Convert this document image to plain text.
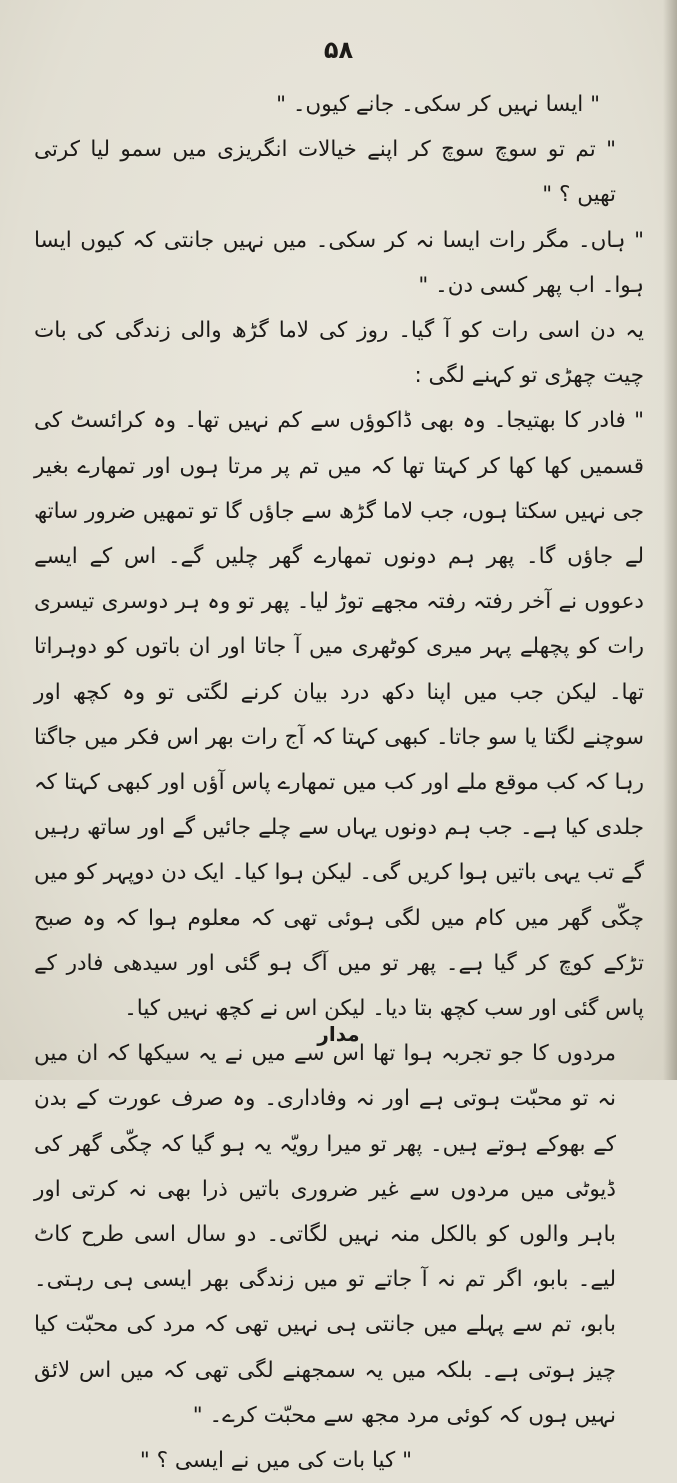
۵۸

" ایسا نہیں کر سکی۔ جانے کیوں۔ "

" تم تو سوچ سوچ کر اپنے خیالات انگریزی میں سمو لیا کرتی تھیں ؟ "

" ہاں۔ مگر رات ایسا نہ کر سکی۔ میں نہیں جانتی کہ کیوں ایسا ہوا۔ اب پھر کسی دن۔ "

یہ دن اسی رات کو آ گیا۔ روز کی لاما گڑھ والی زندگی کی بات چیت چھڑی تو کہنے لگی :

" فادر کا بھتیجا۔ وہ بھی ڈاکوؤں سے کم نہیں تھا۔ وہ کرائسٹ کی قسمیں کھا کھا کر کہتا تھا کہ میں تم پر مرتا ہوں اور تمھارے بغیر جی نہیں سکتا ہوں، جب لاما گڑھ سے جاؤں گا تو تمھیں ضرور ساتھ لے جاؤں گا۔ پھر ہم دونوں تمھارے گھر چلیں گے۔ اس کے ایسے دعووں نے آخر رفتہ رفتہ مجھے توڑ لیا۔ پھر تو وہ ہر دوسری تیسری رات کو پچھلے پہر میری کوٹھری میں آ جاتا اور ان باتوں کو دوہراتا تھا۔ لیکن جب میں اپنا دکھ درد بیان کرنے لگتی تو وہ کچھ اور سوچنے لگتا یا سو جاتا۔ کبھی کہتا کہ آج رات بھر اس فکر میں جاگتا رہا کہ کب موقع ملے اور کب میں تمھارے پاس آؤں اور کبھی کہتا کہ جلدی کیا ہے۔ جب ہم دونوں یہاں سے چلے جائیں گے اور ساتھ رہیں گے تب یہی باتیں ہوا کریں گی۔ لیکن ہوا کیا۔ ایک دن دوپہر کو میں چکّی گھر میں کام میں لگی ہوئی تھی کہ معلوم ہوا کہ وہ صبح تڑکے کوچ کر گیا ہے۔ پھر تو میں آگ ہو گئی اور سیدھی فادر کے پاس گئی اور سب کچھ بتا دیا۔ لیکن اس نے کچھ نہیں کیا۔

مردوں کا جو تجربہ ہوا تھا اس سے میں نے یہ سیکھا کہ ان میں نہ تو محبّت ہوتی ہے اور نہ وفاداری۔ وہ صرف عورت کے بدن کے بھوکے ہوتے ہیں۔ پھر تو میرا رویّہ یہ ہو گیا کہ چکّی گھر کی ڈیوٹی میں مردوں سے غیر ضروری باتیں ذرا بھی نہ کرتی اور باہر والوں کو بالکل منہ نہیں لگاتی۔ دو سال اسی طرح کاٹ لیے۔ بابو، اگر تم نہ آ جاتے تو میں زندگی بھر ایسی ہی رہتی۔ بابو، تم سے پہلے میں جانتی ہی نہیں تھی کہ مرد کی محبّت کیا چیز ہوتی ہے۔ بلکہ میں یہ سمجھنے لگی تھی کہ میں اس لائق نہیں ہوں کہ کوئی مرد مجھ سے محبّت کرے۔ "

" کیا بات کی میں نے ایسی ؟ "

مدار
